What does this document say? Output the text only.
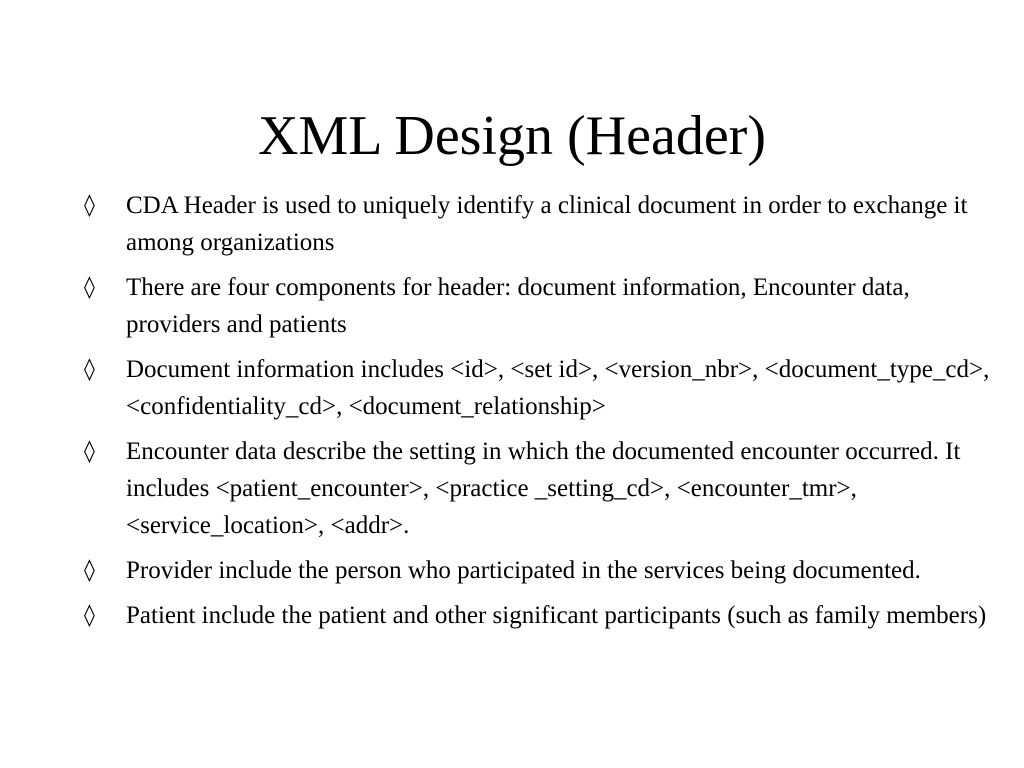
XML Design (Header)
◊	CDA Header is used to uniquely identify a clinical document in order to exchange it among organizations
◊	There are four components for header: document information, Encounter data, providers and patients
◊	Document information includes <id>, <set id>, <version_nbr>, <document_type_cd>, <confidentiality_cd>, <document_relationship>
◊	Encounter data describe the setting in which the documented encounter occurred. It includes <patient_encounter>, <practice _setting_cd>, <encounter_tmr>, <service_location>, <addr>.
◊	Provider include the person who participated in the services being documented.
◊	Patient include the patient and other significant participants (such as family members)
